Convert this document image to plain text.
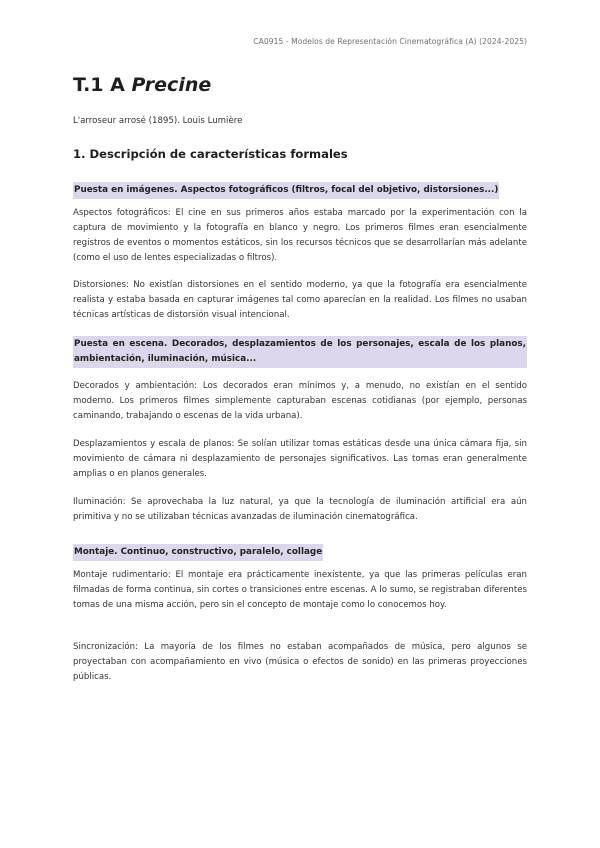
CA0915 - Modelos de Representación Cinematográfica (A) (2024-2025)
T.1 A Precine
L'arroseur arrosé (1895). Louis Lumière
1. Descripción de características formales
Puesta en imágenes. Aspectos fotográficos (filtros, focal del objetivo, distorsiones...)

Aspectos fotográficos: El cine en sus primeros años estaba marcado por la experimentación con la captura de movimiento y la fotografía en blanco y negro. Los primeros filmes eran esencialmente registros de eventos o momentos estáticos, sin los recursos técnicos que se desarrollarían más adelante (como el uso de lentes especializadas o filtros).

Distorsiones: No existían distorsiones en el sentido moderno, ya que la fotografía era esencialmente realista y estaba basada en capturar imágenes tal como aparecían en la realidad. Los filmes no usaban técnicas artísticas de distorsión visual intencional.

Puesta en escena. Decorados, desplazamientos de los personajes, escala de los planos, ambientación, iluminación, música...

Decorados y ambientación: Los decorados eran mínimos y, a menudo, no existían en el sentido moderno. Los primeros filmes simplemente capturaban escenas cotidianas (por ejemplo, personas caminando, trabajando o escenas de la vida urbana).

Desplazamientos y escala de planos: Se solían utilizar tomas estáticas desde una única cámara fija, sin movimiento de cámara ni desplazamiento de personajes significativos. Las tomas eran generalmente amplias o en planos generales.

Iluminación: Se aprovechaba la luz natural, ya que la tecnología de iluminación artificial era aún primitiva y no se utilizaban técnicas avanzadas de iluminación cinematográfica.

Montaje. Continuo, constructivo, paralelo, collage

Montaje rudimentario: El montaje era prácticamente inexistente, ya que las primeras películas eran filmadas de forma continua, sin cortes o transiciones entre escenas. A lo sumo, se registraban diferentes tomas de una misma acción, pero sin el concepto de montaje como lo conocemos hoy.

Sincronización: La mayoría de los filmes no estaban acompañados de música, pero algunos se proyectaban con acompañamiento en vivo (música o efectos de sonido) en las primeras proyecciones públicas.
